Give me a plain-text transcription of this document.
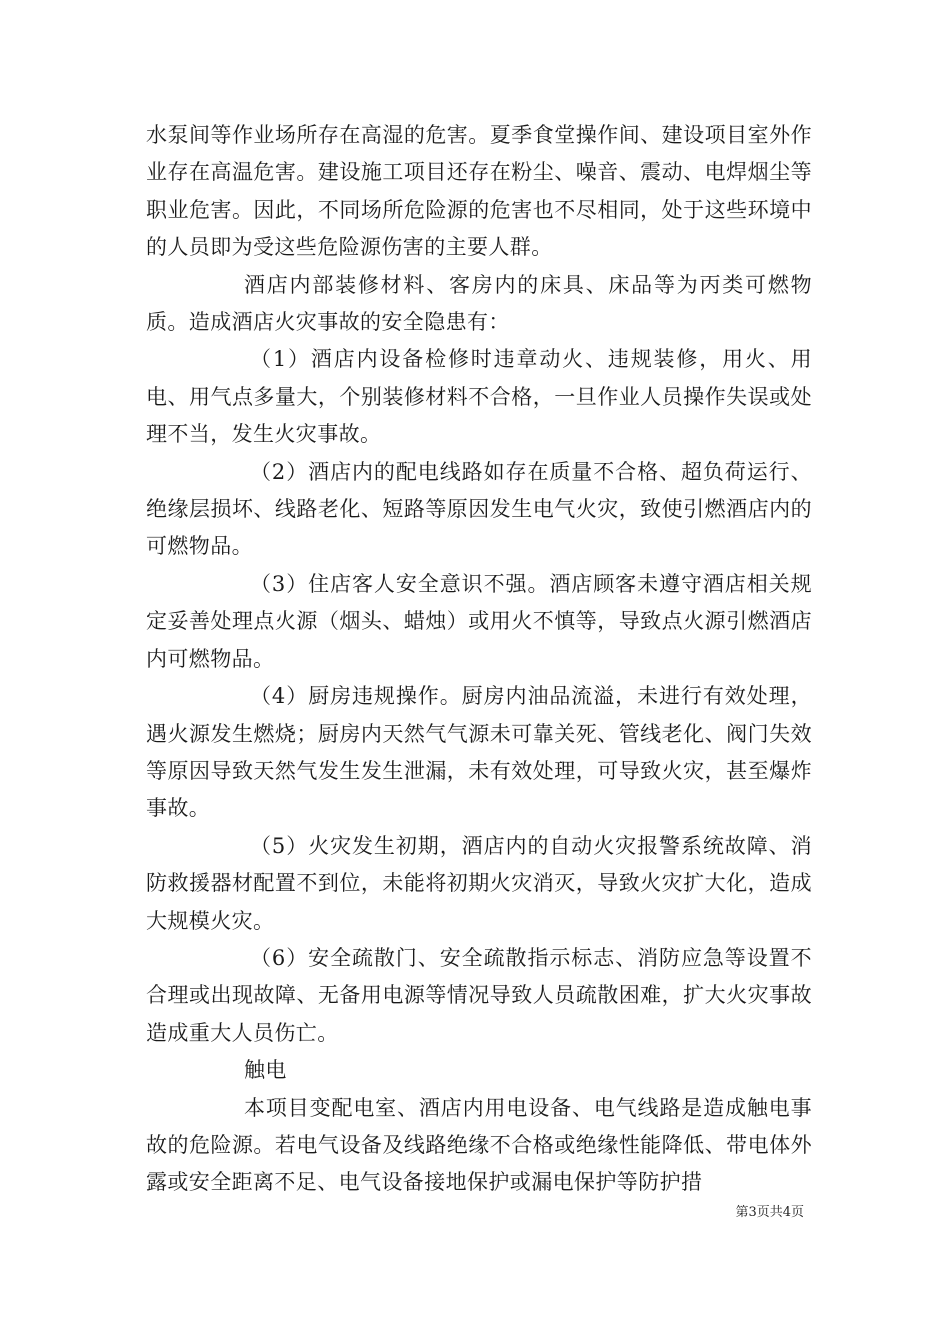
水泵间等作业场所存在高湿的危害。夏季食堂操作间、建设项目室外作业存在高温危害。建设施工项目还存在粉尘、噪音、震动、电焊烟尘等职业危害。因此，不同场所危险源的危害也不尽相同，处于这些环境中的人员即为受这些危险源伤害的主要人群。

酒店内部装修材料、客房内的床具、床品等为丙类可燃物质。造成酒店火灾事故的安全隐患有：

（1）酒店内设备检修时违章动火、违规装修，用火、用电、用气点多量大，个别装修材料不合格，一旦作业人员操作失误或处理不当，发生火灾事故。

（2）酒店内的配电线路如存在质量不合格、超负荷运行、绝缘层损坏、线路老化、短路等原因发生电气火灾，致使引燃酒店内的可燃物品。

（3）住店客人安全意识不强。酒店顾客未遵守酒店相关规定妥善处理点火源（烟头、蜡烛）或用火不慎等，导致点火源引燃酒店内可燃物品。

（4）厨房违规操作。厨房内油品流溢，未进行有效处理，遇火源发生燃烧；厨房内天然气气源未可靠关死、管线老化、阀门失效等原因导致天然气发生发生泄漏，未有效处理，可导致火灾，甚至爆炸事故。

（5）火灾发生初期，酒店内的自动火灾报警系统故障、消防救援器材配置不到位，未能将初期火灾消灭，导致火灾扩大化，造成大规模火灾。

（6）安全疏散门、安全疏散指示标志、消防应急等设置不合理或出现故障、无备用电源等情况导致人员疏散困难，扩大火灾事故造成重大人员伤亡。

触电

本项目变配电室、酒店内用电设备、电气线路是造成触电事故的危险源。若电气设备及线路绝缘不合格或绝缘性能降低、带电体外露或安全距离不足、电气设备接地保护或漏电保护等防护措

第3页共4页
